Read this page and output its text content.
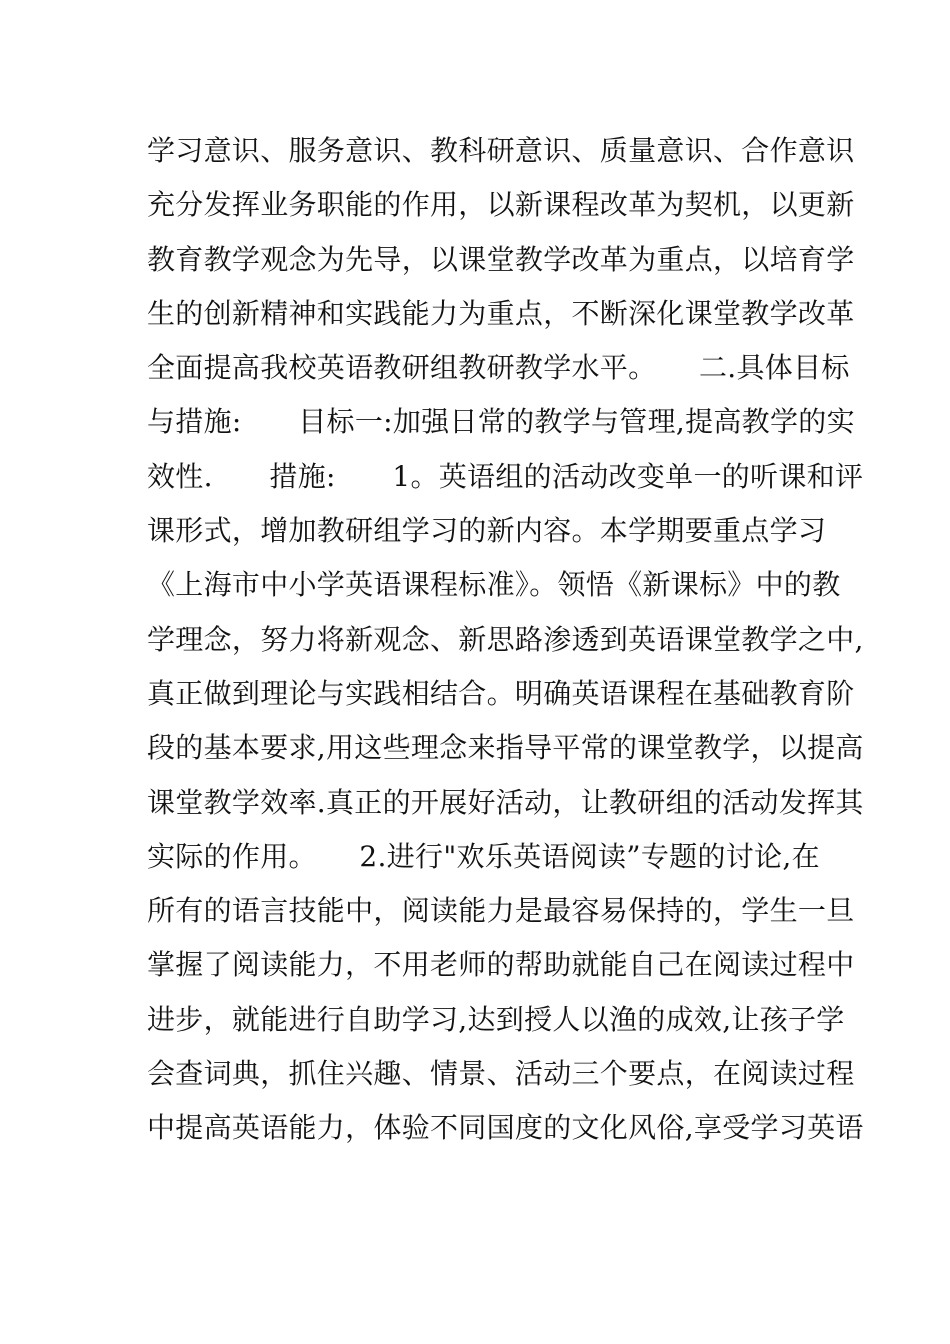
学习意识、服务意识、教科研意识、质量意识、合作意识
充分发挥业务职能的作用，以新课程改革为契机，以更新
教育教学观念为先导，以课堂教学改革为重点，以培育学
生的创新精神和实践能力为重点，不断深化课堂教学改革
全面提高我校英语教研组教研教学水平。　　二.具体目标
与措施:　　目标一:加强日常的教学与管理,提高教学的实
效性.　　措施:　　1。英语组的活动改变单一的听课和评
课形式，增加教研组学习的新内容。本学期要重点学习
《上海市中小学英语课程标准》。领悟《新课标》中的教
学理念，努力将新观念、新思路渗透到英语课堂教学之中,
真正做到理论与实践相结合。明确英语课程在基础教育阶
段的基本要求,用这些理念来指导平常的课堂教学，以提高
课堂教学效率.真正的开展好活动，让教研组的活动发挥其
实际的作用。　　2.进行"欢乐英语阅读”专题的讨论,在
所有的语言技能中，阅读能力是最容易保持的，学生一旦
掌握了阅读能力，不用老师的帮助就能自己在阅读过程中
进步，就能进行自助学习,达到授人以渔的成效,让孩子学
会查词典，抓住兴趣、情景、活动三个要点，在阅读过程
中提高英语能力，体验不同国度的文化风俗,享受学习英语
